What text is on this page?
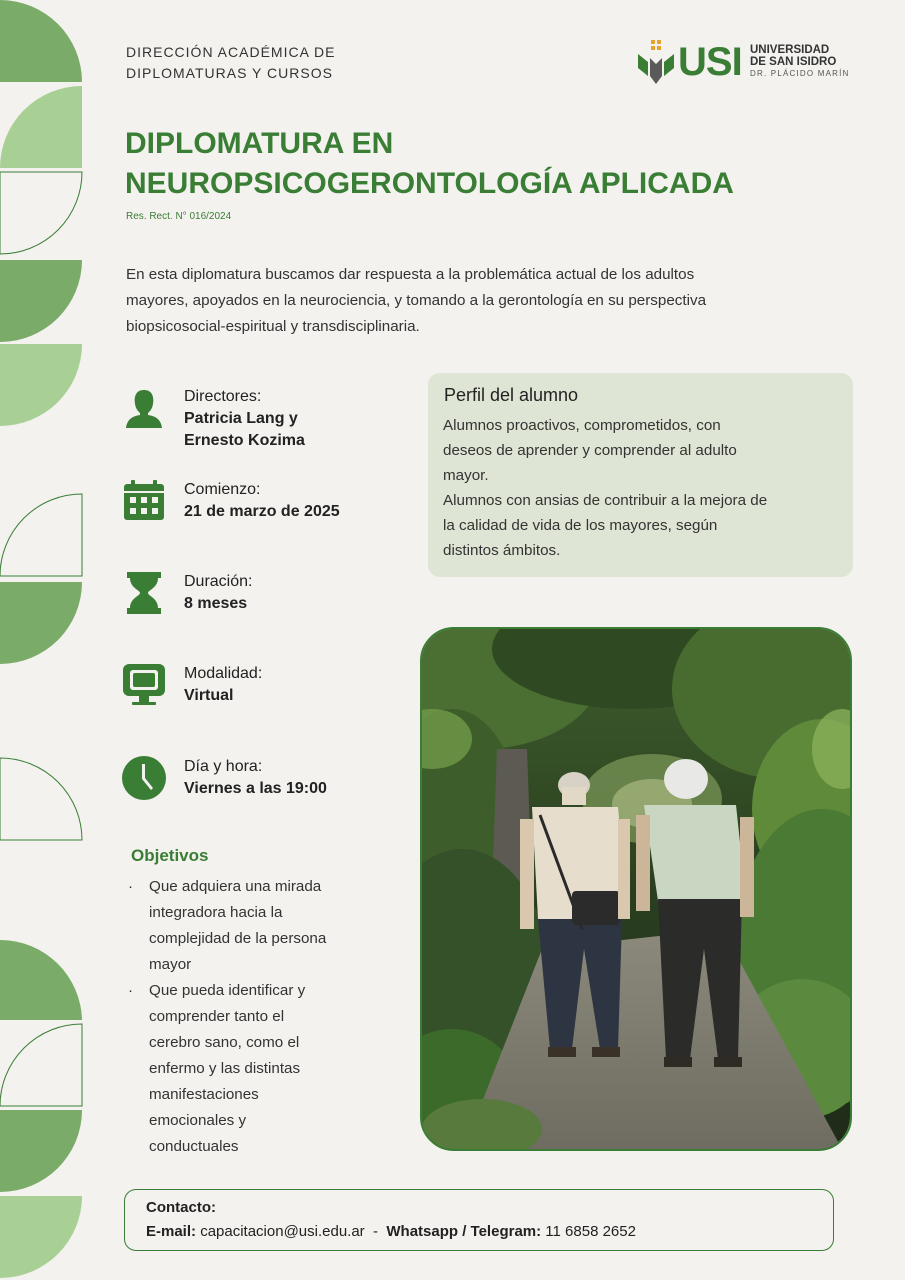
DIRECCIÓN ACADÉMICA DE
DIPLOMATURAS Y CURSOS	USI UNIVERSIDAD
DE SAN ISIDRO
DR. PLÁCIDO MARÍN
DIPLOMATURA EN
NEUROPSICOGERONTOLOGÍA APLICADA
Res. Rect. N° 016/2024
En esta diplomatura buscamos dar respuesta a la problemática actual de los adultos
mayores, apoyados en la neurociencia, y tomando a la gerontología en su perspectiva
biopsicosocial-espiritual y transdisciplinaria.
Directores:
Patricia Lang y
Ernesto Kozima
Comienzo:
21 de marzo de 2025
Duración:
8 meses
Modalidad:
Virtual
Día y hora:
Viernes a las 19:00
Perfil del alumno
Alumnos proactivos, comprometidos, con
deseos de aprender y comprender al adulto
mayor.
Alumnos con ansias de contribuir a la mejora de
la calidad de vida de los mayores, según
distintos ámbitos.
Objetivos
· Que adquiera una mirada
integradora hacia la
complejidad de la persona
mayor
· Que pueda identificar y
comprender tanto el
cerebro sano, como el
enfermo y las distintas
manifestaciones
emocionales y
conductuales
Contacto:
E-mail: capacitacion@usi.edu.ar - Whatsapp / Telegram: 11 6858 2652
